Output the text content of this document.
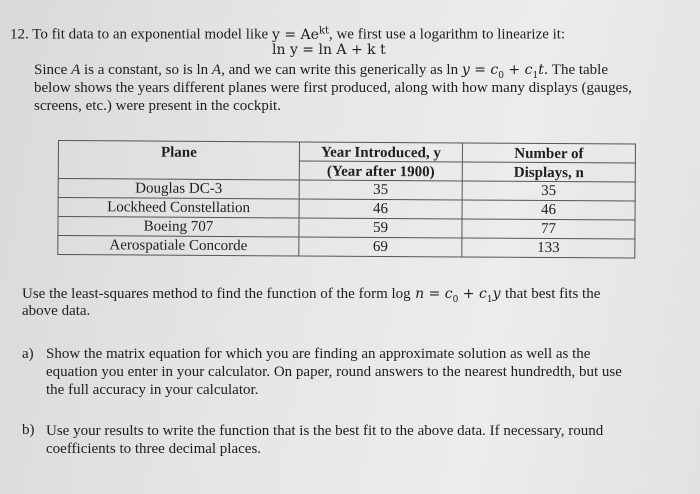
12. To fit data to an exponential model like $y = Ae^{kt}$, we first use a logarithm to linearize it:
ln y = ln A + k t
Since A is a constant, so is ln A, and we can write this generically as $\ln y = c_0 + c_1t$. The table
below shows the years different planes were first produced, along with how many displays (gauges,
screens, etc.) were present in the cockpit.
Plane	Year Introduced, y	Number of
	(Year after 1900)	Displays, n
Douglas DC-3	35	35
Lockheed Constellation	46	46
Boeing 707	59	77
Aerospatiale Concorde	69	133
Use the least-squares method to find the function of the form $\log n = c_0 + c_1y$ that best fits the
above data.
a) Show the matrix equation for which you are finding an approximate solution as well as the
equation you enter in your calculator. On paper, round answers to the nearest hundredth, but use
the full accuracy in your calculator.
b) Use your results to write the function that is the best fit to the above data. If necessary, round
coefficients to three decimal places.
